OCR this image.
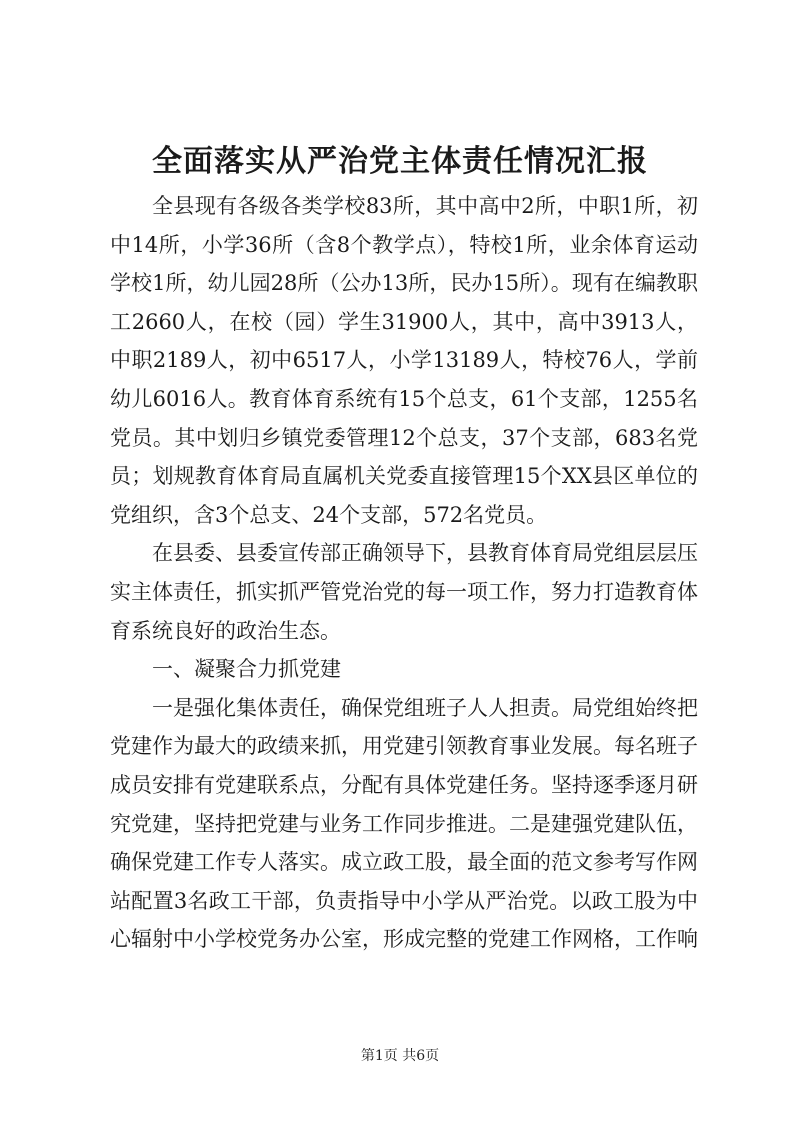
全面落实从严治党主体责任情况汇报

全县现有各级各类学校83所，其中高中2所，中职1所，初中14所，小学36所（含8个教学点），特校1所，业余体育运动学校1所，幼儿园28所（公办13所，民办15所）。现有在编教职工2660人，在校（园）学生31900人，其中，高中3913人，中职2189人，初中6517人，小学13189人，特校76人，学前幼儿6016人。教育体育系统有15个总支，61个支部，1255名党员。其中划归乡镇党委管理12个总支，37个支部，683名党员；划规教育体育局直属机关党委直接管理15个XX县区单位的党组织，含3个总支、24个支部，572名党员。

在县委、县委宣传部正确领导下，县教育体育局党组层层压实主体责任，抓实抓严管党治党的每一项工作，努力打造教育体育系统良好的政治生态。

一、凝聚合力抓党建

一是强化集体责任，确保党组班子人人担责。局党组始终把党建作为最大的政绩来抓，用党建引领教育事业发展。每名班子成员安排有党建联系点，分配有具体党建任务。坚持逐季逐月研究党建，坚持把党建与业务工作同步推进。二是建强党建队伍，确保党建工作专人落实。成立政工股，最全面的范文参考写作网站配置3名政工干部，负责指导中小学从严治党。以政工股为中心辐射中小学校党务办公室，形成完整的党建工作网格，工作响

第1页 共6页
